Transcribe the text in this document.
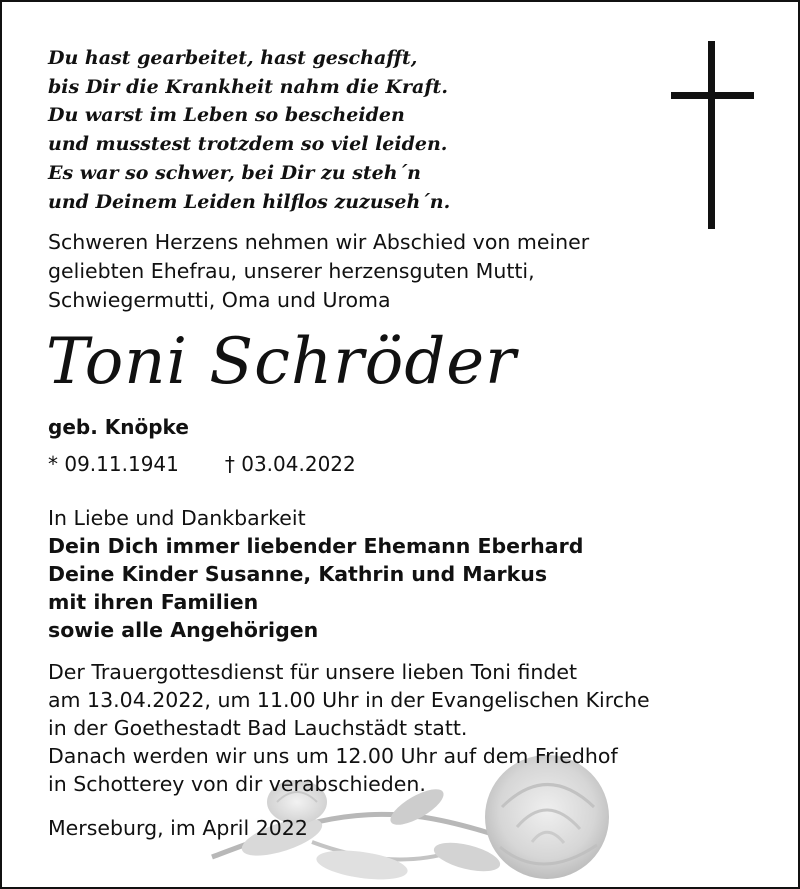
Du hast gearbeitet, hast geschafft,
bis Dir die Krankheit nahm die Kraft.
Du warst im Leben so bescheiden
und musstest trotzdem so viel leiden.
Es war so schwer, bei Dir zu steh´n
und Deinem Leiden hilflos zuzuseh´n.
Schweren Herzens nehmen wir Abschied von meiner
geliebten Ehefrau, unserer herzensguten Mutti,
Schwiegermutti, Oma und Uroma
Toni Schröder
geb. Knöpke
* 09.11.1941 † 03.04.2022
In Liebe und Dankbarkeit
Dein Dich immer liebender Ehemann Eberhard
Deine Kinder Susanne, Kathrin und Markus
mit ihren Familien
sowie alle Angehörigen
Der Trauergottesdienst für unsere lieben Toni findet
am 13.04.2022, um 11.00 Uhr in der Evangelischen Kirche
in der Goethestadt Bad Lauchstädt statt.
Danach werden wir uns um 12.00 Uhr auf dem Friedhof
in Schotterey von dir verabschieden.
Merseburg, im April 2022
